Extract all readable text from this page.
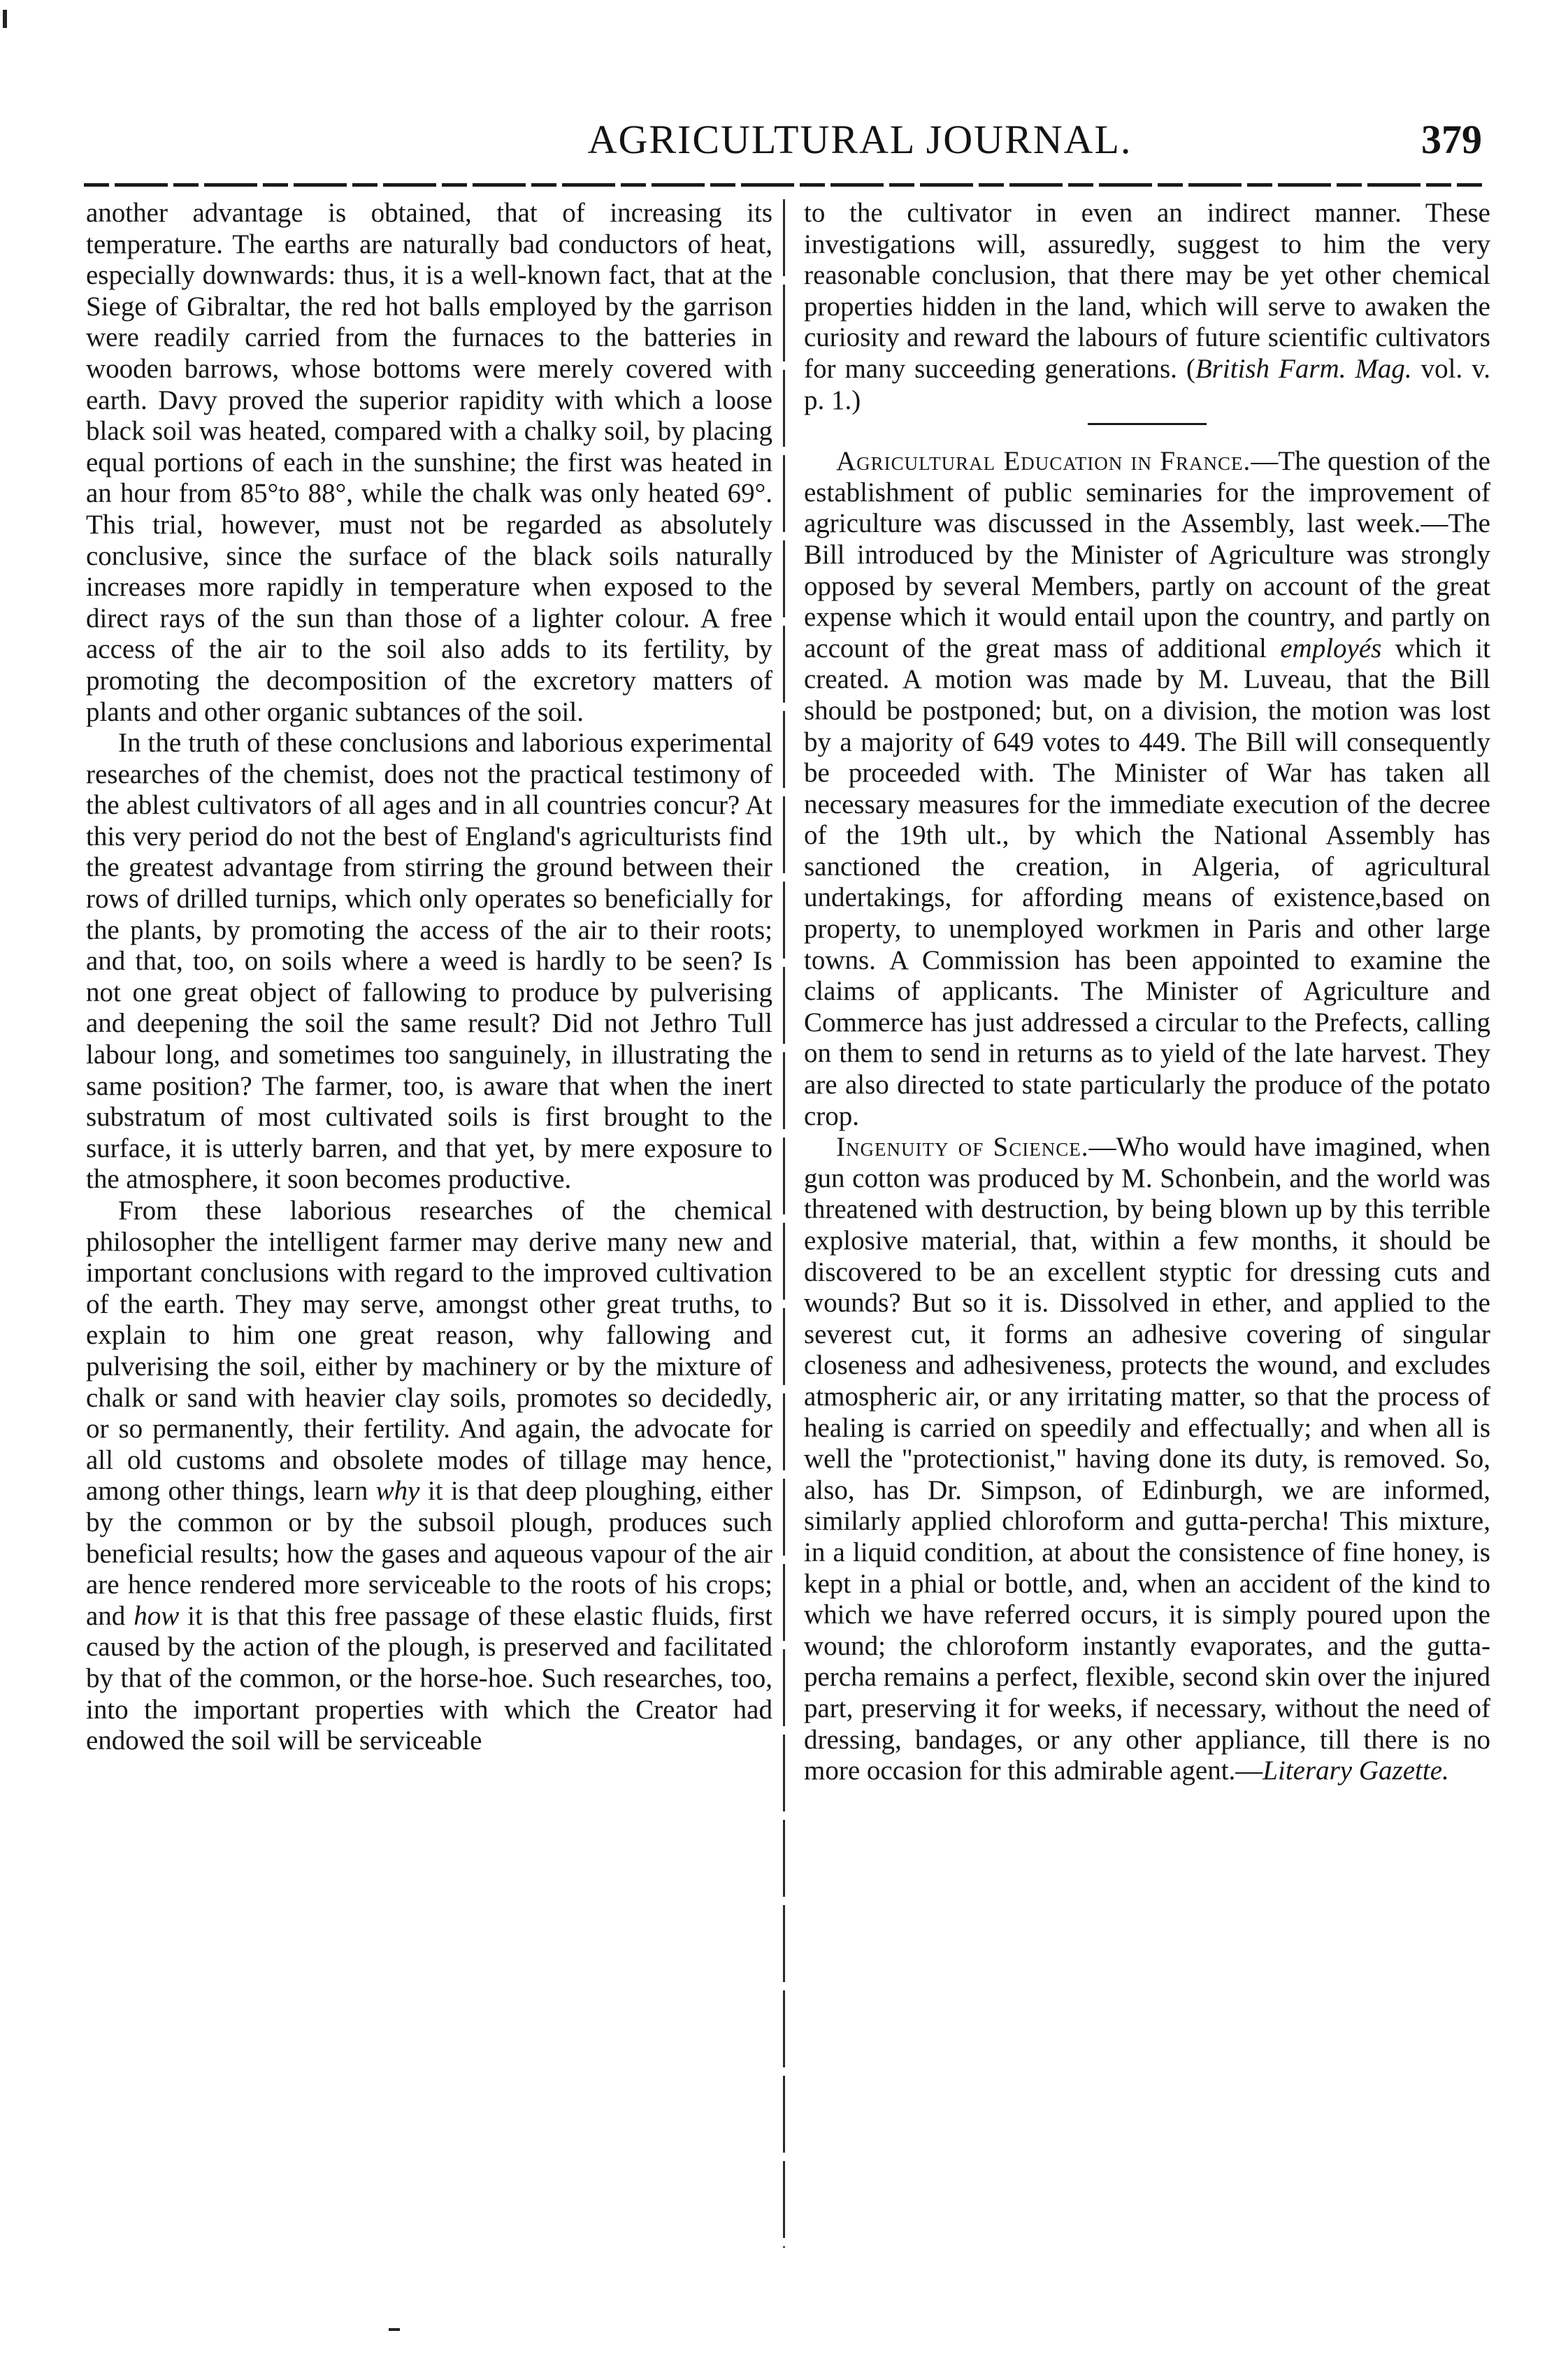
AGRICULTURAL JOURNAL.	379

another advantage is obtained, that of increasing its temperature. The earths are naturally bad conductors of heat, especially downwards: thus, it is a well-known fact, that at the Siege of Gibraltar, the red hot balls employed by the garrison were readily carried from the furnaces to the batteries in wooden barrows, whose bottoms were merely covered with earth. Davy proved the superior rapidity with which a loose black soil was heated, compared with a chalky soil, by placing equal portions of each in the sunshine; the first was heated in an hour from 85°to 88°, while the chalk was only heated 69°. This trial, however, must not be regarded as absolutely conclusive, since the surface of the black soils naturally increases more rapidly in temperature when exposed to the direct rays of the sun than those of a lighter colour. A free access of the air to the soil also adds to its fertility, by promoting the decomposition of the excretory matters of plants and other organic subtances of the soil.

In the truth of these conclusions and laborious experimental researches of the chemist, does not the practical testimony of the ablest cultivators of all ages and in all countries concur? At this very period do not the best of England's agriculturists find the greatest advantage from stirring the ground between their rows of drilled turnips, which only operates so beneficially for the plants, by promoting the access of the air to their roots; and that, too, on soils where a weed is hardly to be seen? Is not one great object of fallowing to produce by pulverising and deepening the soil the same result? Did not Jethro Tull labour long, and sometimes too sanguinely, in illustrating the same position? The farmer, too, is aware that when the inert substratum of most cultivated soils is first brought to the surface, it is utterly barren, and that yet, by mere exposure to the atmosphere, it soon becomes productive.

From these laborious researches of the chemical philosopher the intelligent farmer may derive many new and important conclusions with regard to the improved cultivation of the earth. They may serve, amongst other great truths, to explain to him one great reason, why fallowing and pulverising the soil, either by machinery or by the mixture of chalk or sand with heavier clay soils, promotes so decidedly, or so permanently, their fertility. And again, the advocate for all old customs and obsolete modes of tillage may hence, among other things, learn why it is that deep ploughing, either by the common or by the subsoil plough, produces such beneficial results; how the gases and aqueous vapour of the air are hence rendered more serviceable to the roots of his crops; and how it is that this free passage of these elastic fluids, first caused by the action of the plough, is preserved and facilitated by that of the common, or the horse-hoe. Such researches, too, into the important properties with which the Creator had endowed the soil will be serviceable

to the cultivator in even an indirect manner. These investigations will, assuredly, suggest to him the very reasonable conclusion, that there may be yet other chemical properties hidden in the land, which will serve to awaken the curiosity and reward the labours of future scientific cultivators for many succeeding generations. (British Farm. Mag. vol. v. p. 1.)

Agricultural Education in France.—The question of the establishment of public seminaries for the improvement of agriculture was discussed in the Assembly, last week.—The Bill introduced by the Minister of Agriculture was strongly opposed by several Members, partly on account of the great expense which it would entail upon the country, and partly on account of the great mass of additional employés which it created. A motion was made by M. Luveau, that the Bill should be postponed; but, on a division, the motion was lost by a majority of 649 votes to 449. The Bill will consequently be proceeded with. The Minister of War has taken all necessary measures for the immediate execution of the decree of the 19th ult., by which the National Assembly has sanctioned the creation, in Algeria, of agricultural undertakings, for affording means of existence,based on property, to unemployed workmen in Paris and other large towns. A Commission has been appointed to examine the claims of applicants. The Minister of Agriculture and Commerce has just addressed a circular to the Prefects, calling on them to send in returns as to yield of the late harvest. They are also directed to state particularly the produce of the potato crop.

Ingenuity of Science.—Who would have imagined, when gun cotton was produced by M. Schonbein, and the world was threatened with destruction, by being blown up by this terrible explosive material, that, within a few months, it should be discovered to be an excellent styptic for dressing cuts and wounds? But so it is. Dissolved in ether, and applied to the severest cut, it forms an adhesive covering of singular closeness and adhesiveness, protects the wound, and excludes atmospheric air, or any irritating matter, so that the process of healing is carried on speedily and effectually; and when all is well the "protectionist," having done its duty, is removed. So, also, has Dr. Simpson, of Edinburgh, we are informed, similarly applied chloroform and gutta-percha! This mixture, in a liquid condition, at about the consistence of fine honey, is kept in a phial or bottle, and, when an accident of the kind to which we have referred occurs, it is simply poured upon the wound; the chloroform instantly evaporates, and the gutta-percha remains a perfect, flexible, second skin over the injured part, preserving it for weeks, if necessary, without the need of dressing, bandages, or any other appliance, till there is no more occasion for this admirable agent.—Literary Gazette.
